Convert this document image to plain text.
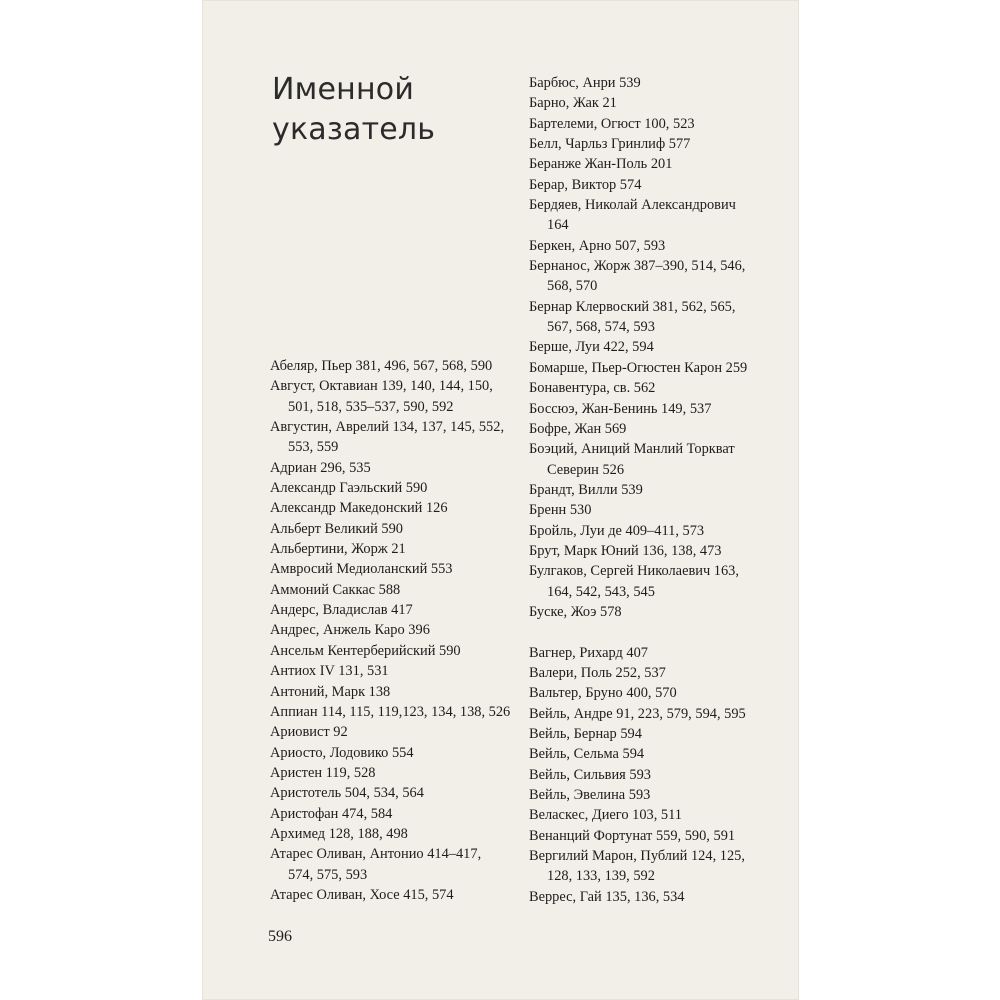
Именной
указатель
Абеляр, Пьер 381, 496, 567, 568, 590
Август, Октавиан 139, 140, 144, 150,
501, 518, 535–537, 590, 592
Августин, Аврелий 134, 137, 145, 552,
553, 559
Адриан 296, 535
Александр Гаэльский 590
Александр Македонский 126
Альберт Великий 590
Альбертини, Жорж 21
Амвросий Медиоланский 553
Аммоний Саккас 588
Андерс, Владислав 417
Андрес, Анжель Каро 396
Ансельм Кентерберийский 590
Антиох IV 131, 531
Антоний, Марк 138
Аппиан 114, 115, 119,123, 134, 138, 526
Ариовист 92
Ариосто, Лодовико 554
Аристен 119, 528
Аристотель 504, 534, 564
Аристофан 474, 584
Архимед 128, 188, 498
Атарес Оливан, Антонио 414–417,
574, 575, 593
Атарес Оливан, Хосе 415, 574
Барбюс, Анри 539
Барно, Жак 21
Бартелеми, Огюст 100, 523
Белл, Чарльз Гринлиф 577
Беранже Жан-Поль 201
Берар, Виктор 574
Бердяев, Николай Александрович
164
Беркен, Арно 507, 593
Бернанос, Жорж 387–390, 514, 546,
568, 570
Бернар Клервоский 381, 562, 565,
567, 568, 574, 593
Берше, Луи 422, 594
Бомарше, Пьер-Огюстен Карон 259
Бонавентура, св. 562
Боссюэ, Жан-Бенинь 149, 537
Бофре, Жан 569
Боэций, Аниций Манлий Торкват
Северин 526
Брандт, Вилли 539
Бренн 530
Бройль, Луи де 409–411, 573
Брут, Марк Юний 136, 138, 473
Булгаков, Сергей Николаевич 163,
164, 542, 543, 545
Буске, Жоэ 578
Вагнер, Рихард 407
Валери, Поль 252, 537
Вальтер, Бруно 400, 570
Вейль, Андре 91, 223, 579, 594, 595
Вейль, Бернар 594
Вейль, Сельма 594
Вейль, Сильвия 593
Вейль, Эвелина 593
Веласкес, Диего 103, 511
Венанций Фортунат 559, 590, 591
Вергилий Марон, Публий 124, 125,
128, 133, 139, 592
Веррес, Гай 135, 136, 534
596
